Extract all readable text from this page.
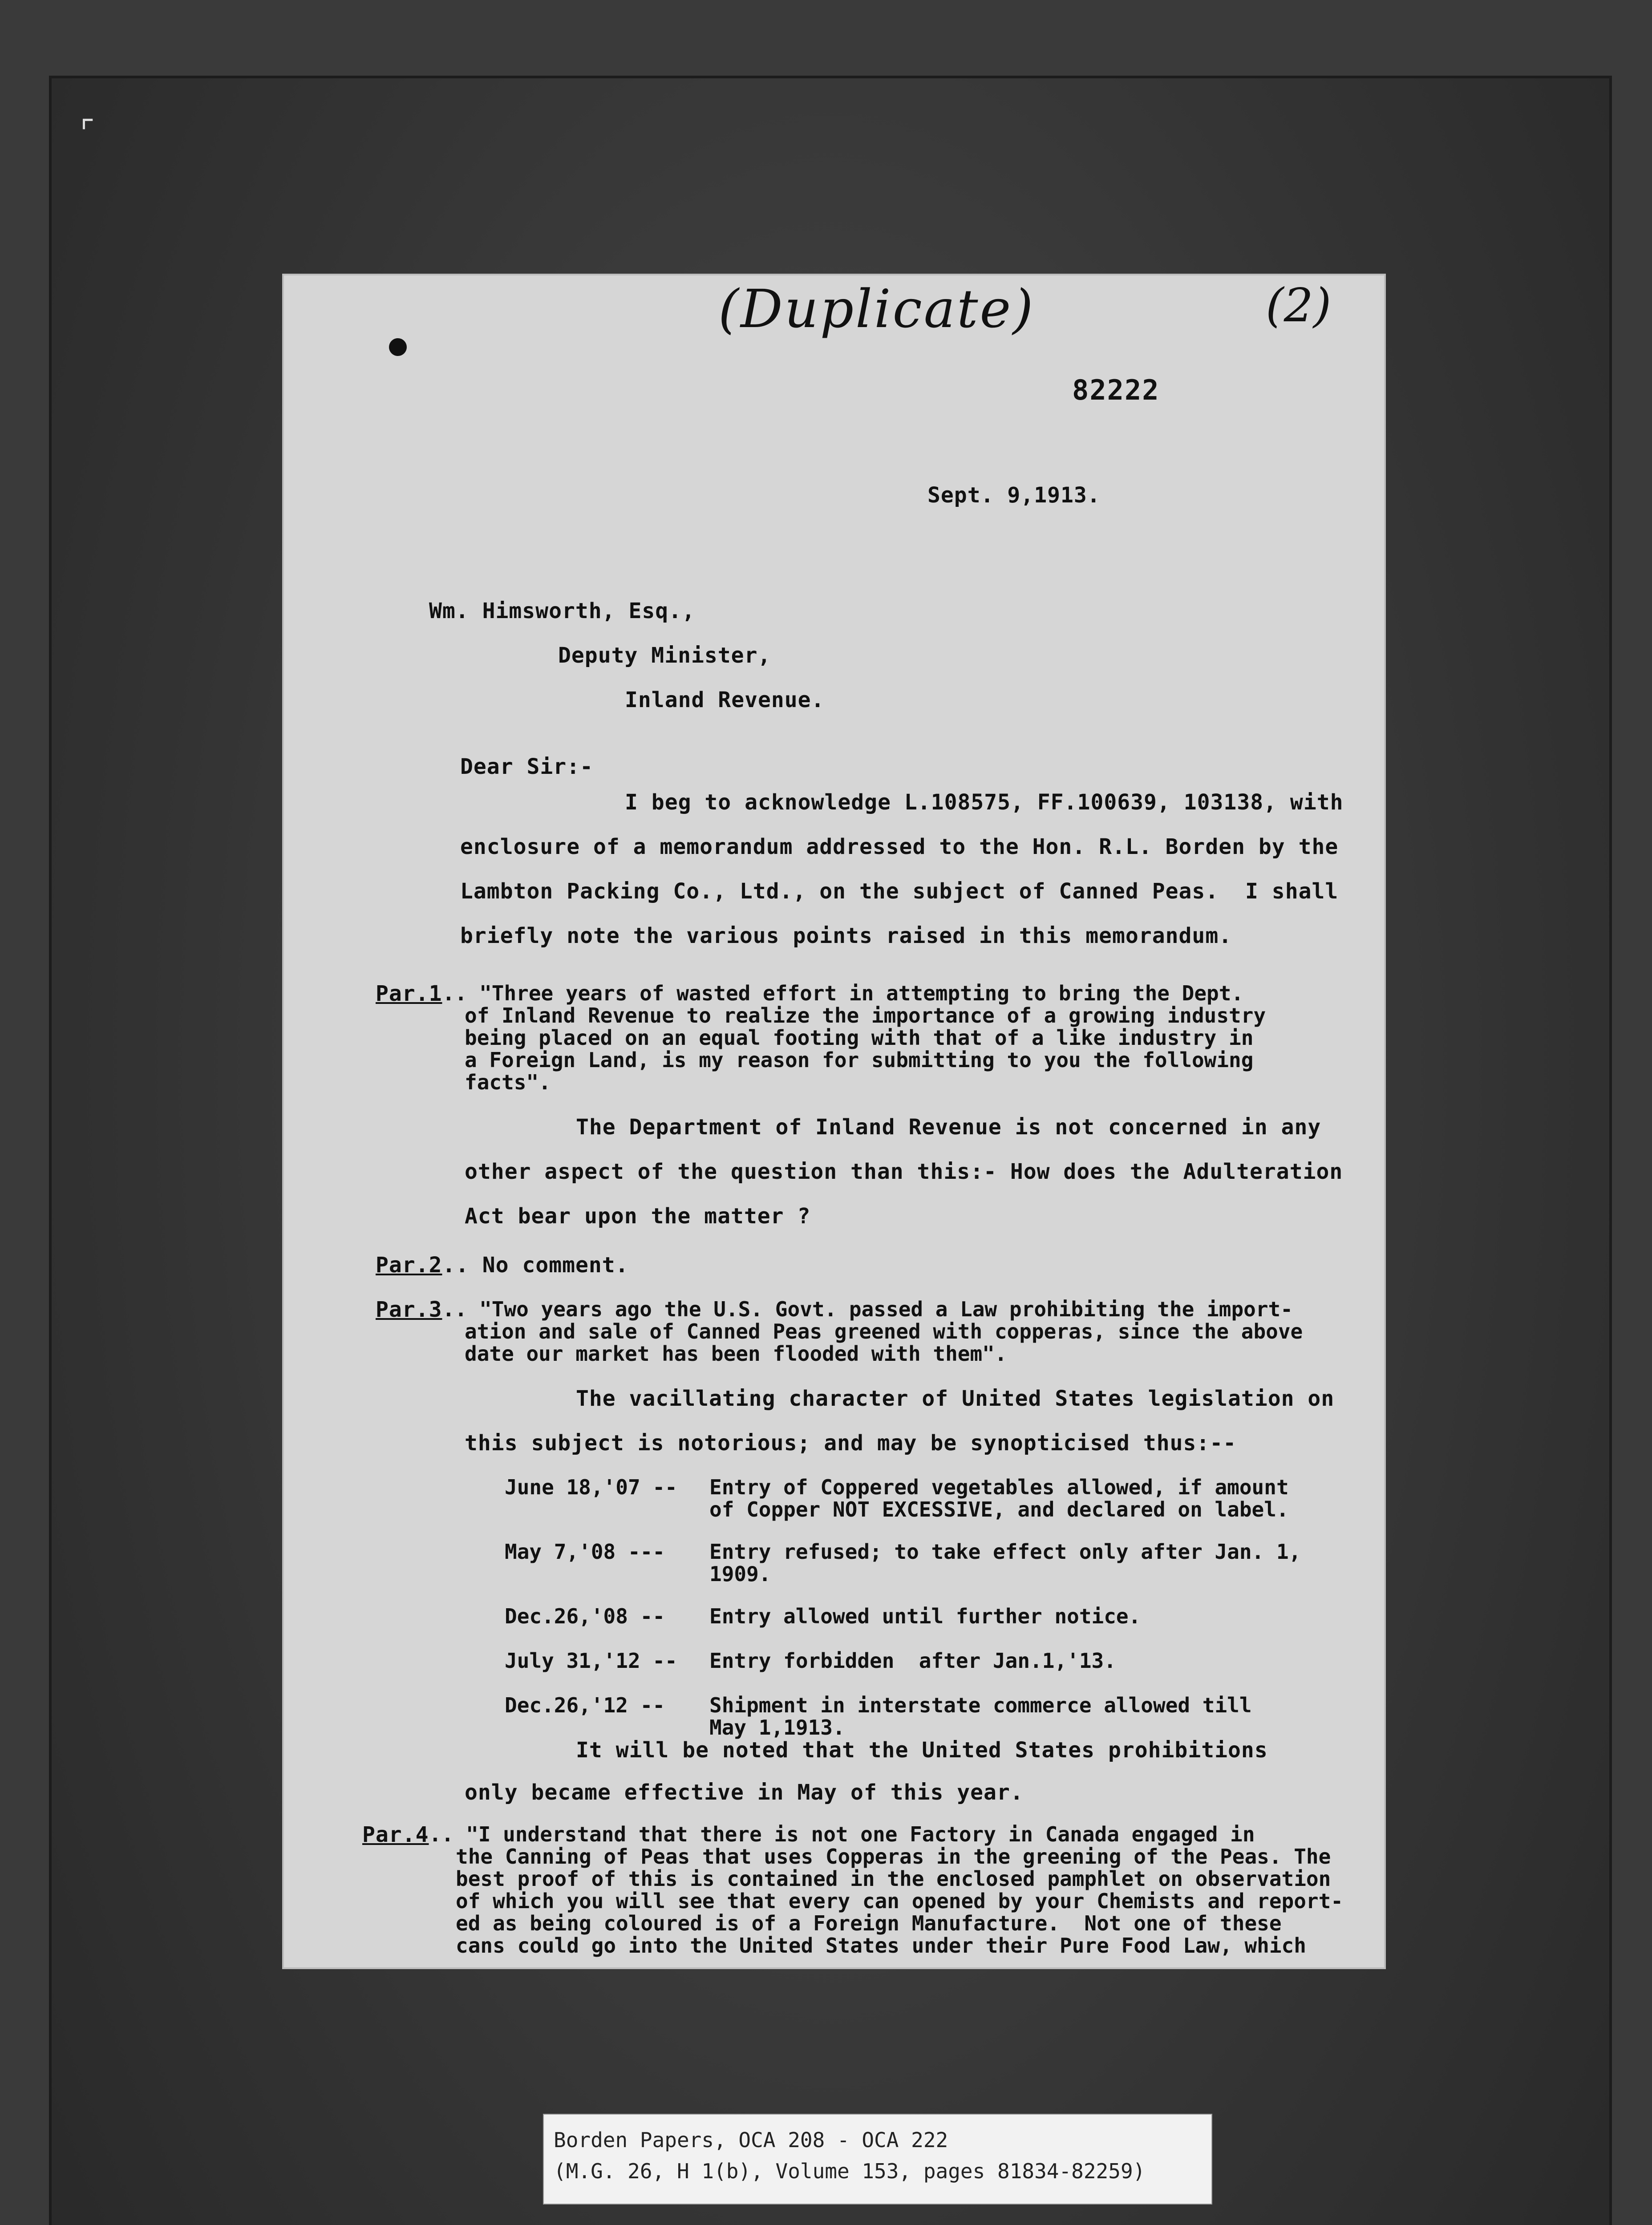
⌜
(Duplicate)	(2)
82222
Sept. 9,1913.
Wm. Himsworth, Esq.,
Deputy Minister,
Inland Revenue.
Dear Sir:-
I beg to acknowledge L.108575, FF.100639, 103138, with
enclosure of a memorandum addressed to the Hon. R.L. Borden by the
Lambton Packing Co., Ltd., on the subject of Canned Peas.  I shall
briefly note the various points raised in this memorandum.
Par.1 .. "Three years of wasted effort in attempting to bring the Dept.
of Inland Revenue to realize the importance of a growing industry
being placed on an equal footing with that of a like industry in
a Foreign Land, is my reason for submitting to you the following
facts".
The Department of Inland Revenue is not concerned in any
other aspect of the question than this:- How does the Adulteration
Act bear upon the matter ?
Par.2 .. No comment.
Par.3 .. "Two years ago the U.S. Govt. passed a Law prohibiting the import-
ation and sale of Canned Peas greened with copperas, since the above
date our market has been flooded with them".
The vacillating character of United States legislation on
this subject is notorious; and may be synopticised thus:--
June 18,'07 -- Entry of Coppered vegetables allowed, if amount
of Copper NOT EXCESSIVE, and declared on label.
May 7,'08 --- Entry refused; to take effect only after Jan. 1,
1909.
Dec.26,'08 -- Entry allowed until further notice.
July 31,'12 -- Entry forbidden  after Jan.1,'13.
Dec.26,'12 -- Shipment in interstate commerce allowed till
May 1,1913.
It will be noted that the United States prohibitions
only became effective in May of this year.
Par.4 .. "I understand that there is not one Factory in Canada engaged in
the Canning of Peas that uses Copperas in the greening of the Peas. The
best proof of this is contained in the enclosed pamphlet on observation
of which you will see that every can opened by your Chemists and report-
ed as being coloured is of a Foreign Manufacture.  Not one of these
cans could go into the United States under their Pure Food Law, which
Borden Papers, OCA 208 - OCA 222
(M.G. 26, H 1(b), Volume 153, pages 81834-82259)
